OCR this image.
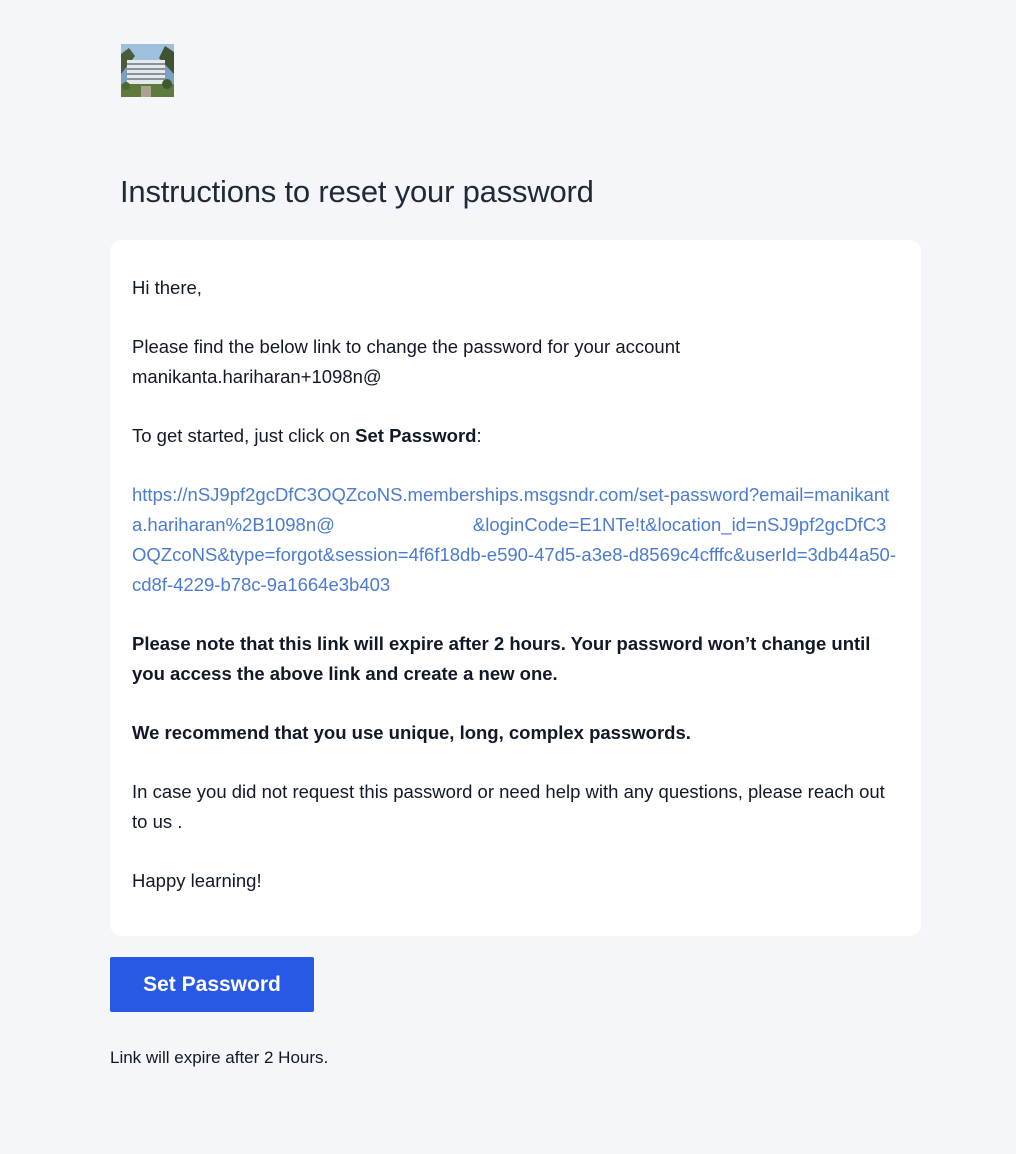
Instructions to reset your password

Hi there,

Please find the below link to change the password for your account
manikanta.hariharan+1098n@

To get started, just click on Set Password:

https://nSJ9pf2gcDfC3OQZcoNS.memberships.msgsndr.com/set-password?email=manikanta.hariharan%2B1098n@	&loginCode=E1NTe!t&location_id=nSJ9pf2gcDfC3OQZcoNS&type=forgot&session=4f6f18db-e590-47d5-a3e8-d8569c4cfffc&userId=3db44a50-cd8f-4229-b78c-9a1664e3b403

Please note that this link will expire after 2 hours. Your password won’t change until you access the above link and create a new one.

We recommend that you use unique, long, complex passwords.

In case you did not request this password or need help with any questions, please reach out to us .

Happy learning!

Set Password

Link will expire after 2 Hours.
